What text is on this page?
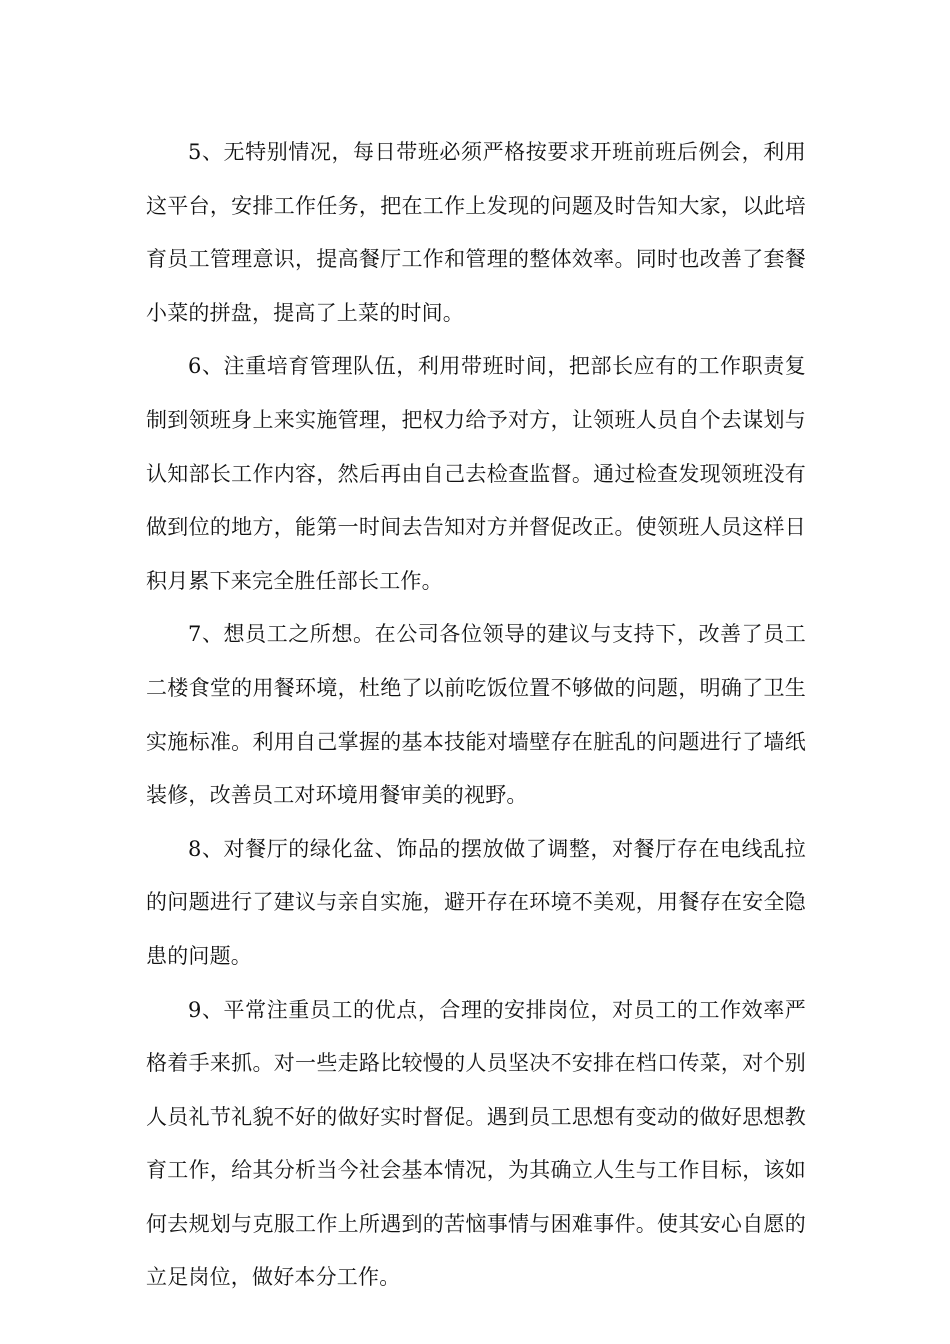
5、无特别情况，每日带班必须严格按要求开班前班后例会，利用这平台，安排工作任务，把在工作上发现的问题及时告知大家，以此培育员工管理意识，提高餐厅工作和管理的整体效率。同时也改善了套餐小菜的拼盘，提高了上菜的时间。

6、注重培育管理队伍，利用带班时间，把部长应有的工作职责复制到领班身上来实施管理，把权力给予对方，让领班人员自个去谋划与认知部长工作内容，然后再由自己去检查监督。通过检查发现领班没有做到位的地方，能第一时间去告知对方并督促改正。使领班人员这样日积月累下来完全胜任部长工作。

7、想员工之所想。在公司各位领导的建议与支持下，改善了员工二楼食堂的用餐环境，杜绝了以前吃饭位置不够做的问题，明确了卫生实施标准。利用自己掌握的基本技能对墙壁存在脏乱的问题进行了墙纸装修，改善员工对环境用餐审美的视野。

8、对餐厅的绿化盆、饰品的摆放做了调整，对餐厅存在电线乱拉的问题进行了建议与亲自实施，避开存在环境不美观，用餐存在安全隐患的问题。

9、平常注重员工的优点，合理的安排岗位，对员工的工作效率严格着手来抓。对一些走路比较慢的人员坚决不安排在档口传菜，对个别人员礼节礼貌不好的做好实时督促。遇到员工思想有变动的做好思想教育工作，给其分析当今社会基本情况，为其确立人生与工作目标，该如何去规划与克服工作上所遇到的苦恼事情与困难事件。使其安心自愿的立足岗位，做好本分工作。
